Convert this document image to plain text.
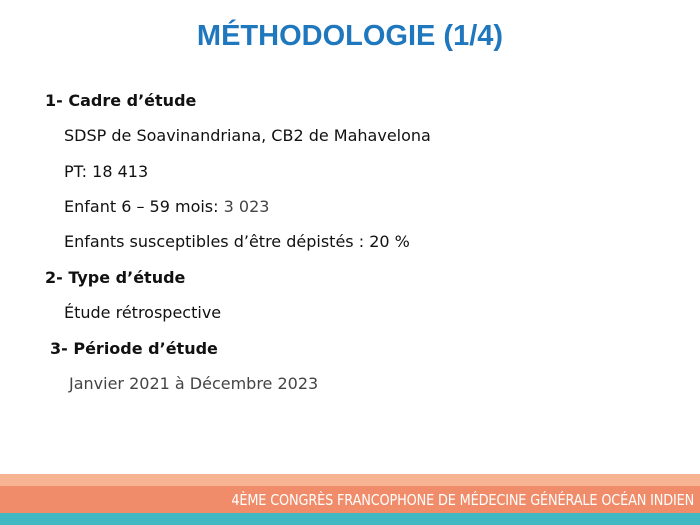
MÉTHODOLOGIE (1/4)
1- Cadre d’étude
SDSP de Soavinandriana, CB2 de Mahavelona
PT: 18 413
Enfant 6 – 59 mois: 3 023
Enfants susceptibles d’être dépistés : 20 %
2- Type d’étude
Étude rétrospective
3- Période d’étude
Janvier 2021 à Décembre 2023
4ÈME CONGRÈS FRANCOPHONE DE MÉDECINE GÉNÉRALE OCÉAN INDIEN
